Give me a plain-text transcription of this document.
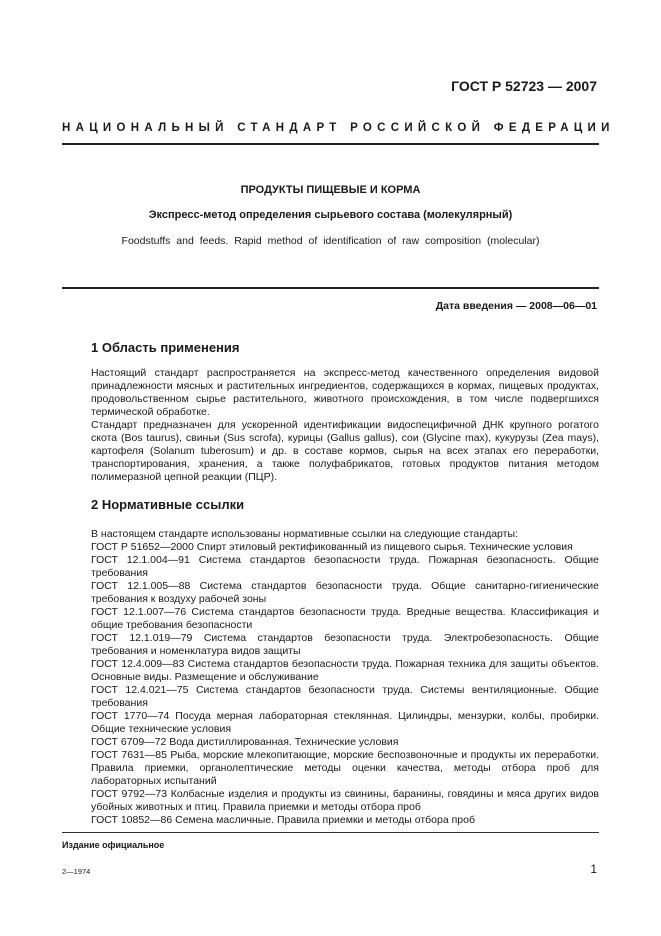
ГОСТ Р 52723 — 2007
НАЦИОНАЛЬНЫЙ СТАНДАРТ РОССИЙСКОЙ ФЕДЕРАЦИИ
ПРОДУКТЫ ПИЩЕВЫЕ И КОРМА
Экспресс-метод определения сырьевого состава (молекулярный)
Foodstuffs and feeds. Rapid method of identification of raw composition (molecular)
Дата введения — 2008—06—01
1 Область применения

Настоящий стандарт распространяется на экспресс-метод качественного определения видовой принадлежности мясных и растительных ингредиентов, содержащихся в кормах, пищевых продуктах, продовольственном сырье растительного, животного происхождения, в том числе подвергшихся термической обработке.

Стандарт предназначен для ускоренной идентификации видоспецифичной ДНК крупного рогатого скота (Bos taurus), свиньи (Sus scrofa), курицы (Gallus gallus), сои (Glycine max), кукурузы (Zea mays), картофеля (Solanum tuberosum) и др. в составе кормов, сырья на всех этапах его переработки, транспортирования, хранения, а также полуфабрикатов, готовых продуктов питания методом полимеразной цепной реакции (ПЦР).

2 Нормативные ссылки

В настоящем стандарте использованы нормативные ссылки на следующие стандарты:

ГОСТ Р 51652—2000 Спирт этиловый ректификованный из пищевого сырья. Технические условия

ГОСТ 12.1.004—91 Система стандартов безопасности труда. Пожарная безопасность. Общие требования

ГОСТ 12.1.005—88 Система стандартов безопасности труда. Общие санитарно-гигиенические требования к воздуху рабочей зоны

ГОСТ 12.1.007—76 Система стандартов безопасности труда. Вредные вещества. Классификация и общие требования безопасности

ГОСТ 12.1.019—79 Система стандартов безопасности труда. Электробезопасность. Общие требования и номенклатура видов защиты

ГОСТ 12.4.009—83 Система стандартов безопасности труда. Пожарная техника для защиты объектов. Основные виды. Размещение и обслуживание

ГОСТ 12.4.021—75 Система стандартов безопасности труда. Системы вентиляционные. Общие требования

ГОСТ 1770—74 Посуда мерная лабораторная стеклянная. Цилиндры, мензурки, колбы, пробирки. Общие технические условия

ГОСТ 6709—72 Вода дистиллированная. Технические условия

ГОСТ 7631—85 Рыба, морские млекопитающие, морские беспозвоночные и продукты их переработки. Правила приемки, органолептические методы оценки качества, методы отбора проб для лабораторных испытаний

ГОСТ 9792—73 Колбасные изделия и продукты из свинины, баранины, говядины и мяса других видов убойных животных и птиц. Правила приемки и методы отбора проб

ГОСТ 10852—86 Семена масличные. Правила приемки и методы отбора проб

Издание официальное
2—1974	1
